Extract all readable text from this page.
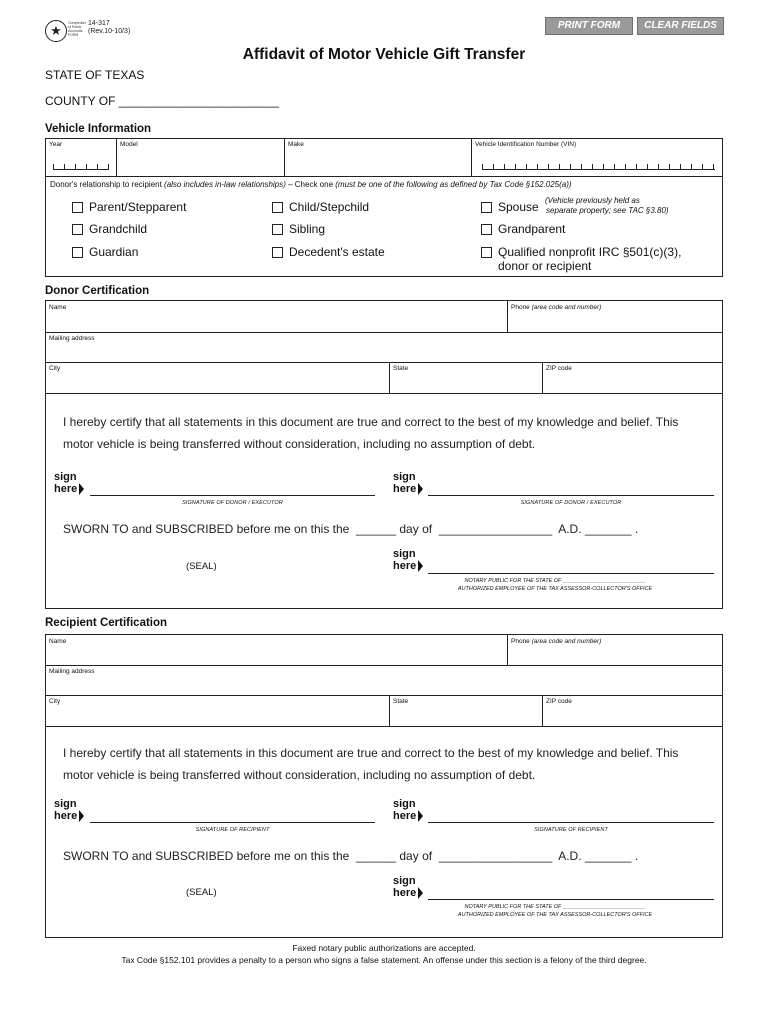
★	Comptroller of Public Accounts FORM
14-317
(Rev.10-10/3)
PRINT FORM	CLEAR FIELDS
Affidavit of Motor Vehicle Gift Transfer
STATE OF TEXAS
COUNTY OF ________________________
Vehicle Information
Year	Model	Make	Vehicle Identification Number (VIN)
Donor's relationship to recipient (also includes in-law relationships) – Check one (must be one of the following as defined by Tax Code §152.025(a))
Parent/Stepparent	Child/Stepchild	Spouse (Vehicle previously held as
separate property; see TAC §3.80)
Grandchild	Sibling	Grandparent
Guardian	Decedent's estate	Qualified nonprofit IRC §501(c)(3),
donor or recipient
Donor Certification
Name	Phone (area code and number)
Mailing address
City	State	ZIP code
I hereby certify that all statements in this document are true and correct to the best of my knowledge and belief. This
motor vehicle is being transferred without consideration, including no assumption of debt.
sign
here
SIGNATURE OF DONOR / EXECUTOR
sign
here
SIGNATURE OF DONOR / EXECUTOR
SWORN TO and SUBSCRIBED before me on this the  ______ day of  _________________  A.D. _______ .
(SEAL)
sign
here
NOTARY PUBLIC FOR THE STATE OF ___________________________
AUTHORIZED EMPLOYEE OF THE TAX ASSESSOR-COLLECTOR'S OFFICE
Recipient Certification
Name	Phone (area code and number)
Mailing address
City	State	ZIP code
I hereby certify that all statements in this document are true and correct to the best of my knowledge and belief. This
motor vehicle is being transferred without consideration, including no assumption of debt.
sign
here
SIGNATURE OF RECIPIENT
sign
here
SIGNATURE OF RECIPIENT
SWORN TO and SUBSCRIBED before me on this the  ______ day of  _________________  A.D. _______ .
(SEAL)
sign
here
NOTARY PUBLIC FOR THE STATE OF ___________________________
AUTHORIZED EMPLOYEE OF THE TAX ASSESSOR-COLLECTOR'S OFFICE
Faxed notary public authorizations are accepted.
Tax Code §152.101 provides a penalty to a person who signs a false statement. An offense under this section is a felony of the third degree.
